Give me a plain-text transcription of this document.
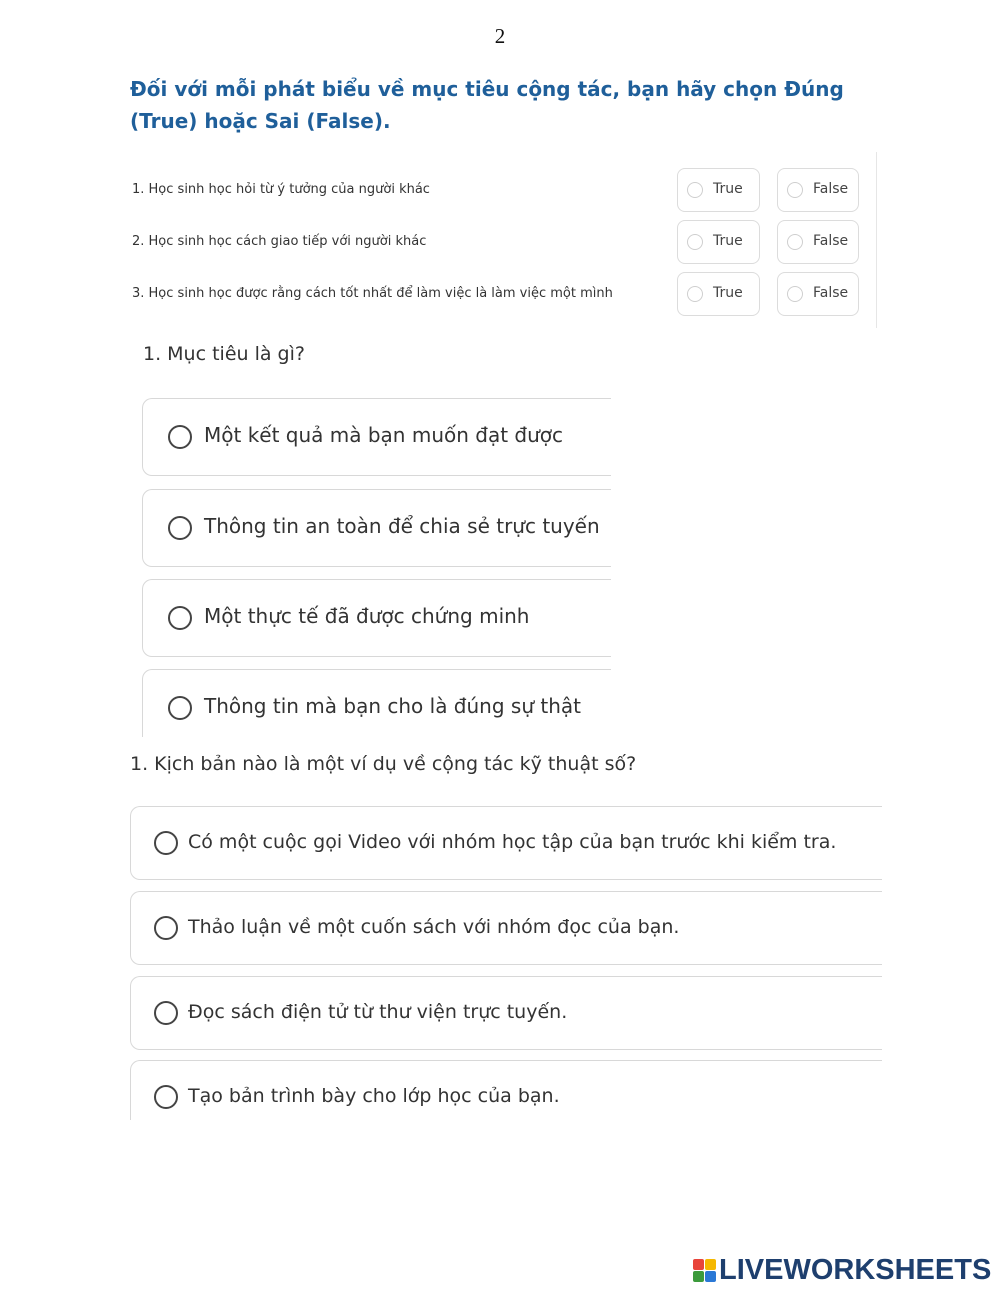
2
Đối với mỗi phát biểu về mục tiêu cộng tác, bạn hãy chọn Đúng (True) hoặc Sai (False).
1. Học sinh học hỏi từ ý tưởng của người khác	True	False
2. Học sinh học cách giao tiếp với người khác	True	False
3. Học sinh học được rằng cách tốt nhất để làm việc là làm việc một mình	True	False
1. Mục tiêu là gì?
Một kết quả mà bạn muốn đạt được
Thông tin an toàn để chia sẻ trực tuyến
Một thực tế đã được chứng minh
Thông tin mà bạn cho là đúng sự thật
1. Kịch bản nào là một ví dụ về cộng tác kỹ thuật số?
Có một cuộc gọi Video với nhóm học tập của bạn trước khi kiểm tra.
Thảo luận về một cuốn sách với nhóm đọc của bạn.
Đọc sách điện tử từ thư viện trực tuyến.
Tạo bản trình bày cho lớp học của bạn.
LIVEWORKSHEETS
